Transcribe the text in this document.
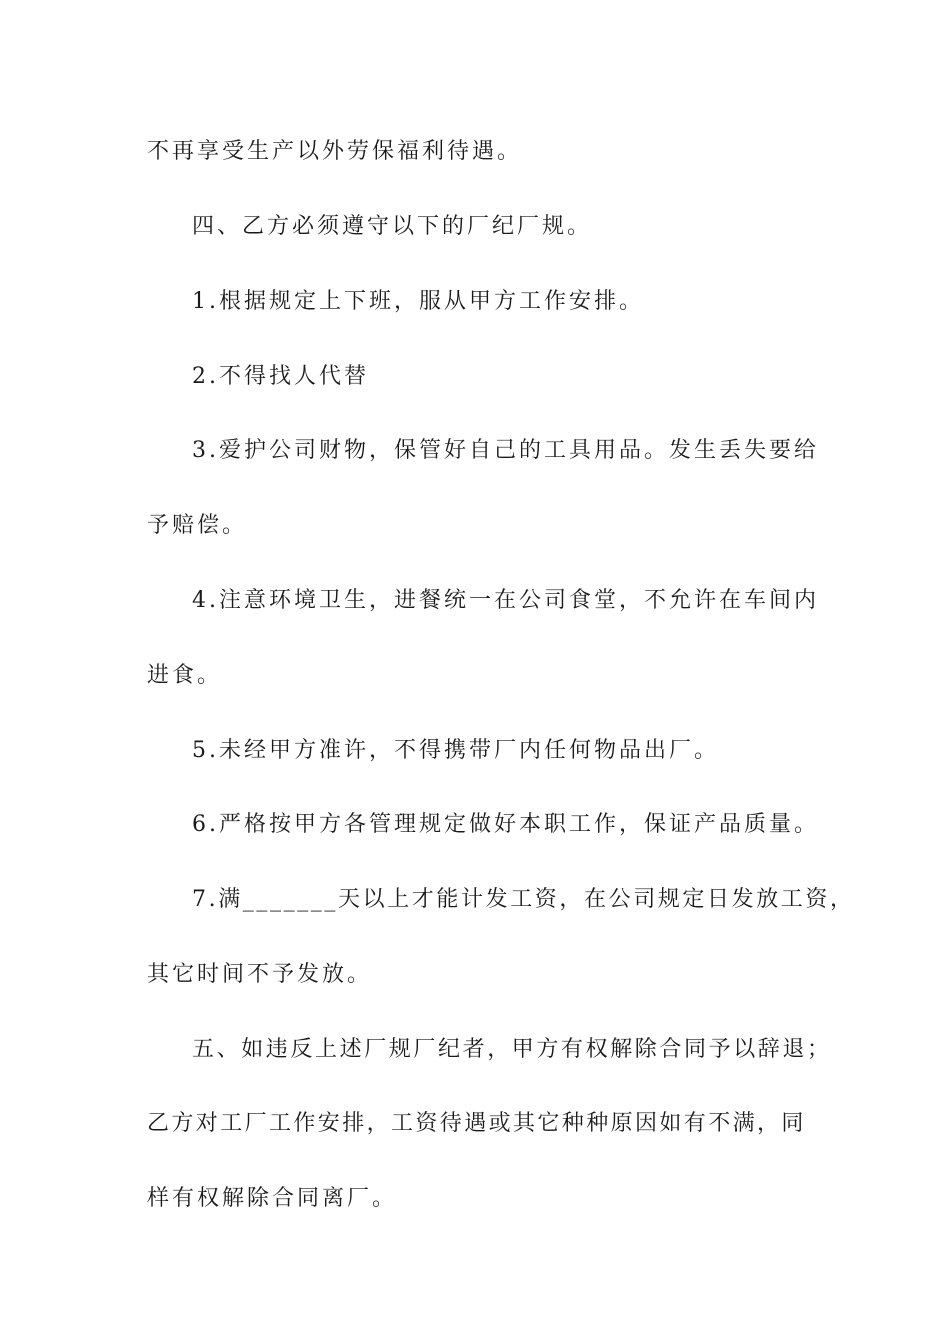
不再享受生产以外劳保福利待遇。
四、乙方必须遵守以下的厂纪厂规。
1.根据规定上下班，服从甲方工作安排。
2.不得找人代替
3.爱护公司财物，保管好自己的工具用品。发生丢失要给
予赔偿。
4.注意环境卫生，进餐统一在公司食堂，不允许在车间内
进食。
5.未经甲方准许，不得携带厂内任何物品出厂。
6.严格按甲方各管理规定做好本职工作，保证产品质量。
7.满_______天以上才能计发工资，在公司规定日发放工资，
其它时间不予发放。
五、如违反上述厂规厂纪者，甲方有权解除合同予以辞退；
乙方对工厂工作安排，工资待遇或其它种种原因如有不满，同
样有权解除合同离厂。
